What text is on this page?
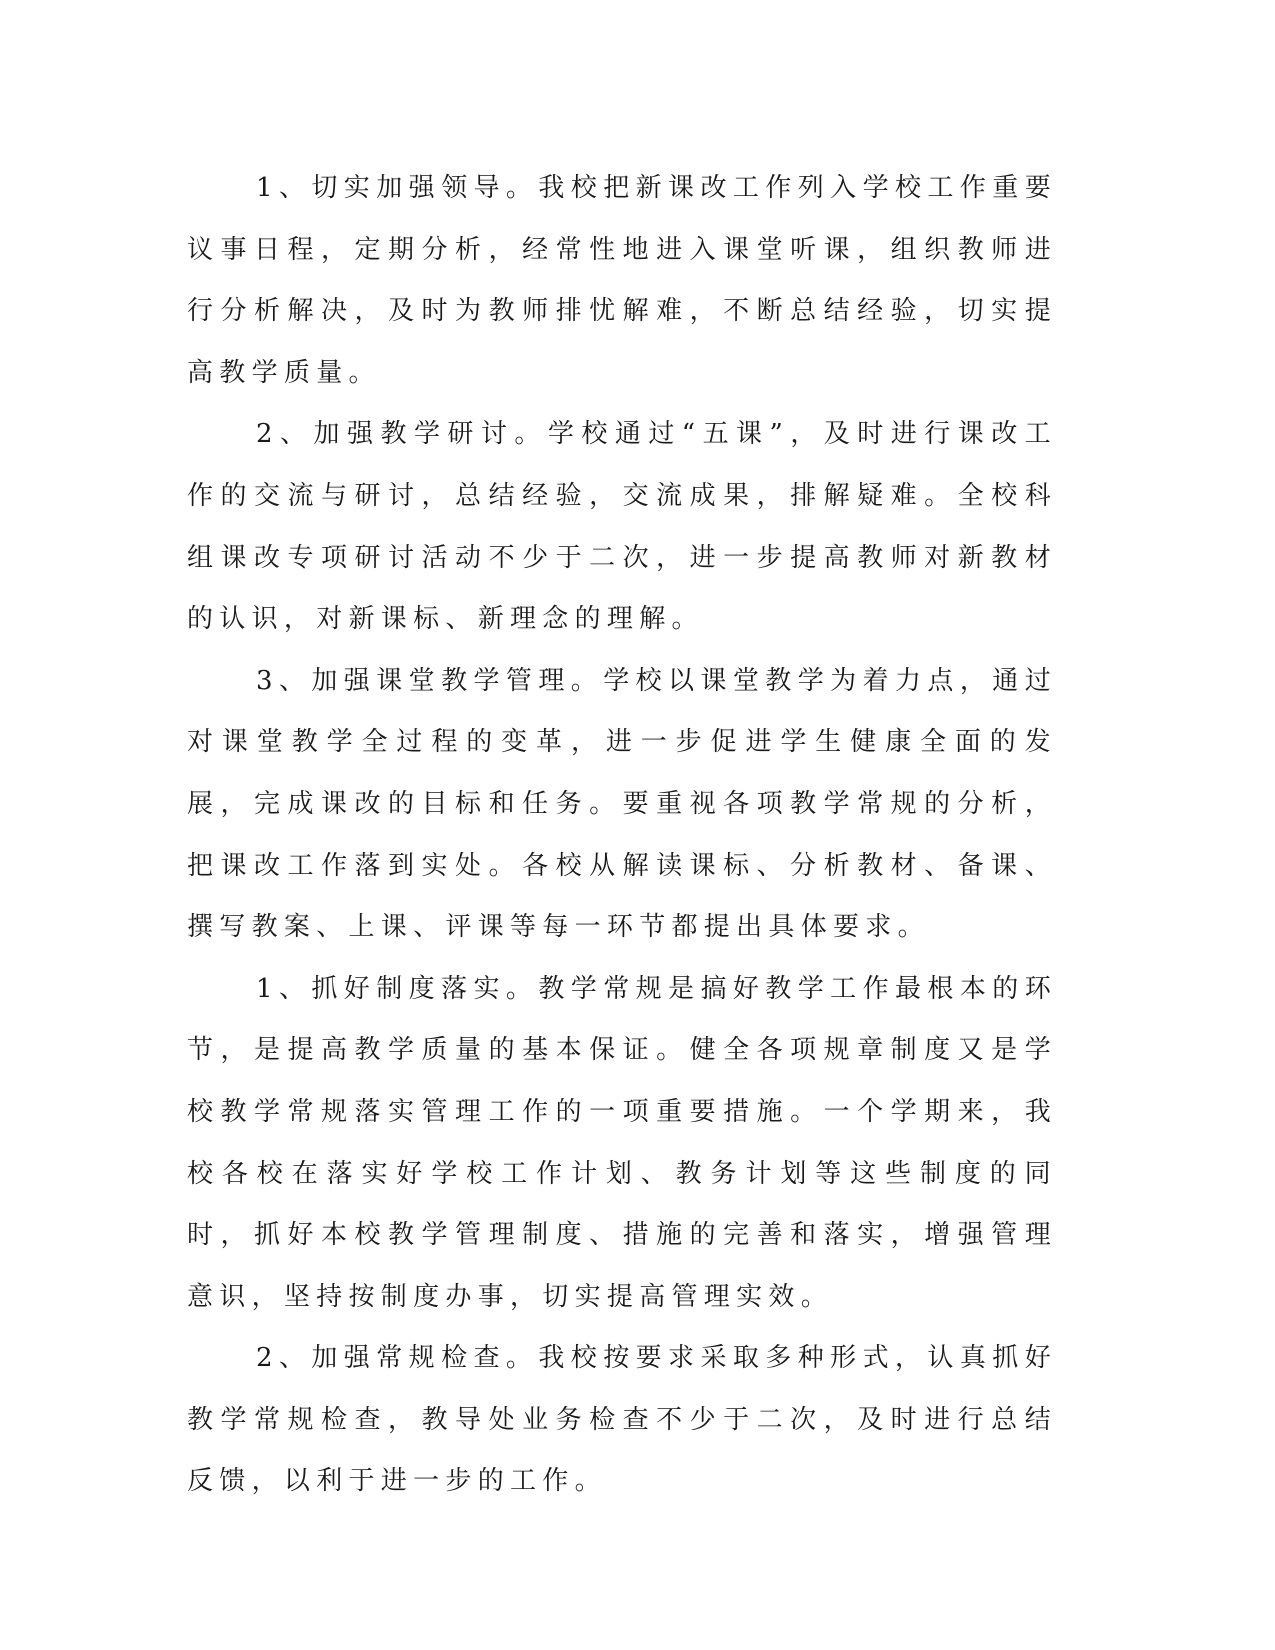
1、切实加强领导。我校把新课改工作列入学校工作重要议事日程，定期分析，经常性地进入课堂听课，组织教师进行分析解决，及时为教师排忧解难，不断总结经验，切实提高教学质量。

2、加强教学研讨。学校通过“五课”，及时进行课改工作的交流与研讨，总结经验，交流成果，排解疑难。全校科组课改专项研讨活动不少于二次，进一步提高教师对新教材的认识，对新课标、新理念的理解。

3、加强课堂教学管理。学校以课堂教学为着力点，通过对课堂教学全过程的变革，进一步促进学生健康全面的发展，完成课改的目标和任务。要重视各项教学常规的分析，把课改工作落到实处。各校从解读课标、分析教材、备课、撰写教案、上课、评课等每一环节都提出具体要求。

1、抓好制度落实。教学常规是搞好教学工作最根本的环节，是提高教学质量的基本保证。健全各项规章制度又是学校教学常规落实管理工作的一项重要措施。一个学期来，我校各校在落实好学校工作计划、教务计划等这些制度的同时，抓好本校教学管理制度、措施的完善和落实，增强管理意识，坚持按制度办事，切实提高管理实效。

2、加强常规检查。我校按要求采取多种形式，认真抓好教学常规检查，教导处业务检查不少于二次，及时进行总结反馈，以利于进一步的工作。
